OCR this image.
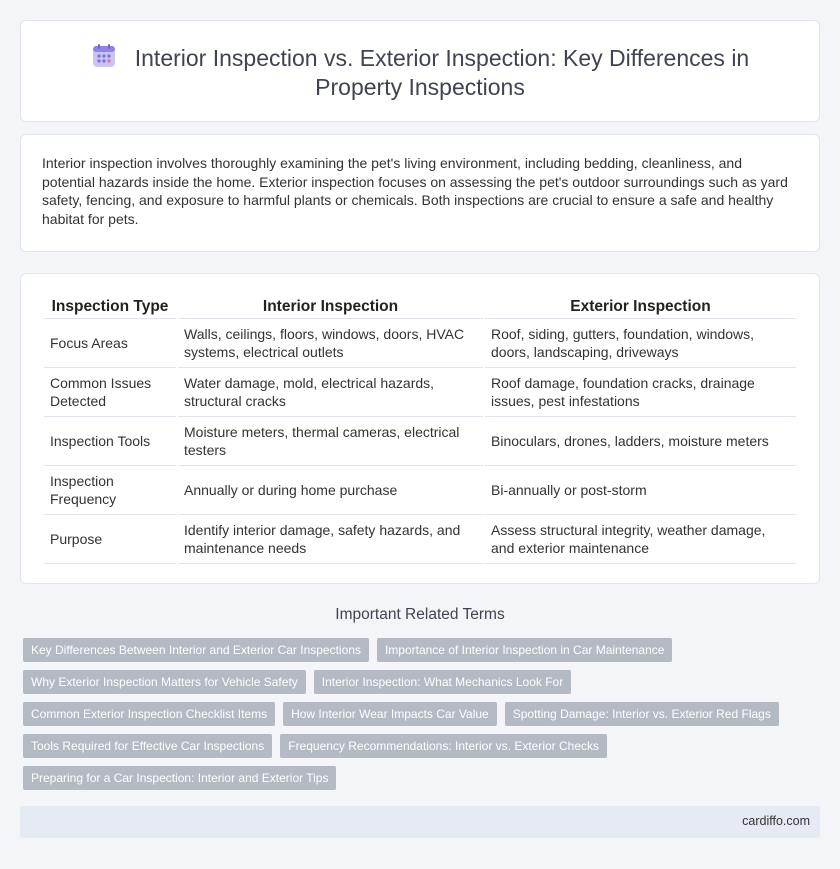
Interior Inspection vs. Exterior Inspection: Key Differences in Property Inspections

Interior inspection involves thoroughly examining the pet's living environment, including bedding, cleanliness, and potential hazards inside the home. Exterior inspection focuses on assessing the pet's outdoor surroundings such as yard safety, fencing, and exposure to harmful plants or chemicals. Both inspections are crucial to ensure a safe and healthy habitat for pets.

Inspection Type	Interior Inspection	Exterior Inspection
Focus Areas	Walls, ceilings, floors, windows, doors, HVAC systems, electrical outlets	Roof, siding, gutters, foundation, windows, doors, landscaping, driveways
Common Issues Detected	Water damage, mold, electrical hazards, structural cracks	Roof damage, foundation cracks, drainage issues, pest infestations
Inspection Tools	Moisture meters, thermal cameras, electrical testers	Binoculars, drones, ladders, moisture meters
Inspection Frequency	Annually or during home purchase	Bi-annually or post-storm
Purpose	Identify interior damage, safety hazards, and maintenance needs	Assess structural integrity, weather damage, and exterior maintenance
Important Related Terms
Key Differences Between Interior and Exterior Car Inspections	Importance of Interior Inspection in Car Maintenance
Why Exterior Inspection Matters for Vehicle Safety	Interior Inspection: What Mechanics Look For
Common Exterior Inspection Checklist Items	How Interior Wear Impacts Car Value	Spotting Damage: Interior vs. Exterior Red Flags
Tools Required for Effective Car Inspections	Frequency Recommendations: Interior vs. Exterior Checks
Preparing for a Car Inspection: Interior and Exterior Tips
cardiffo.com
